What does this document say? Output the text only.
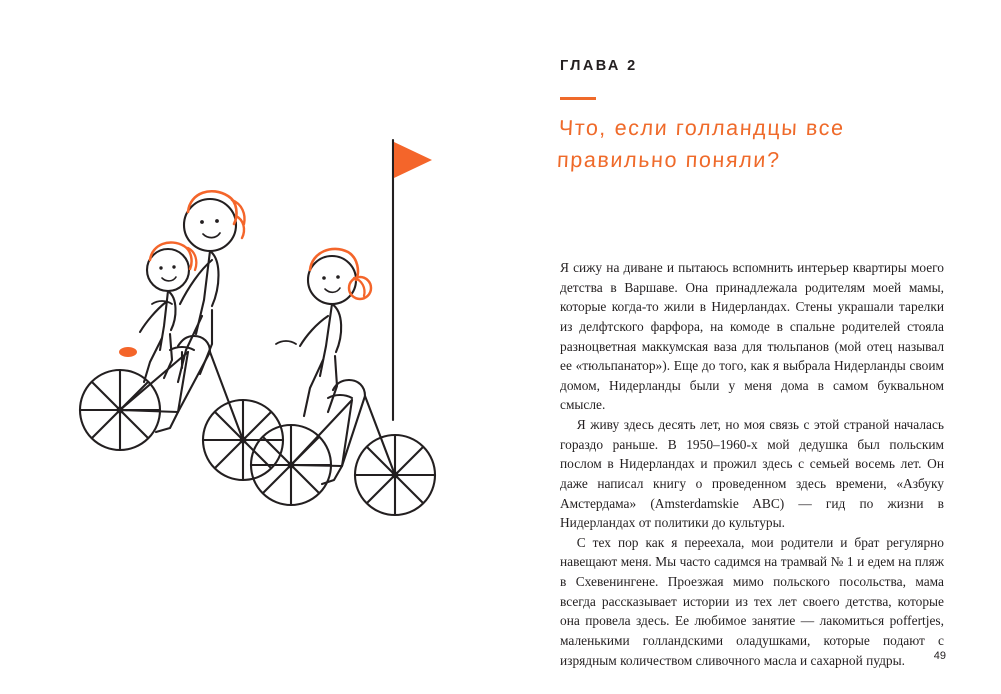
ГЛАВА 2
Что, если голландцы все правильно поняли?

Я сижу на диване и пытаюсь вспомнить интерьер квартиры моего детства в Варшаве. Она принадлежала родителям моей мамы, которые когда-то жили в Нидерландах. Стены украшали тарелки из делфтского фарфора, на комоде в спальне родителей стояла разноцветная маккумская ваза для тюльпанов (мой отец называл ее «тюльпанатор»). Еще до того, как я выбрала Нидерланды своим домом, Нидерланды были у меня дома в самом буквальном смысле.

Я живу здесь десять лет, но моя связь с этой страной началась гораздо раньше. В 1950–1960-х мой дедушка был польским послом в Нидерландах и прожил здесь с семьей восемь лет. Он даже написал книгу о проведенном здесь времени, «Азбуку Амстердама» (Amsterdamskie ABC) — гид по жизни в Нидерландах от политики до культуры.

С тех пор как я переехала, мои родители и брат регулярно навещают меня. Мы часто садимся на трамвай № 1 и едем на пляж в Схевенингене. Проезжая мимо польского посольства, мама всегда рассказывает истории из тех лет своего детства, которые она провела здесь. Ее любимое занятие — лакомиться poffertjes, маленькими голландскими оладушками, которые подают с изрядным количеством сливочного масла и сахарной пудры.	49
